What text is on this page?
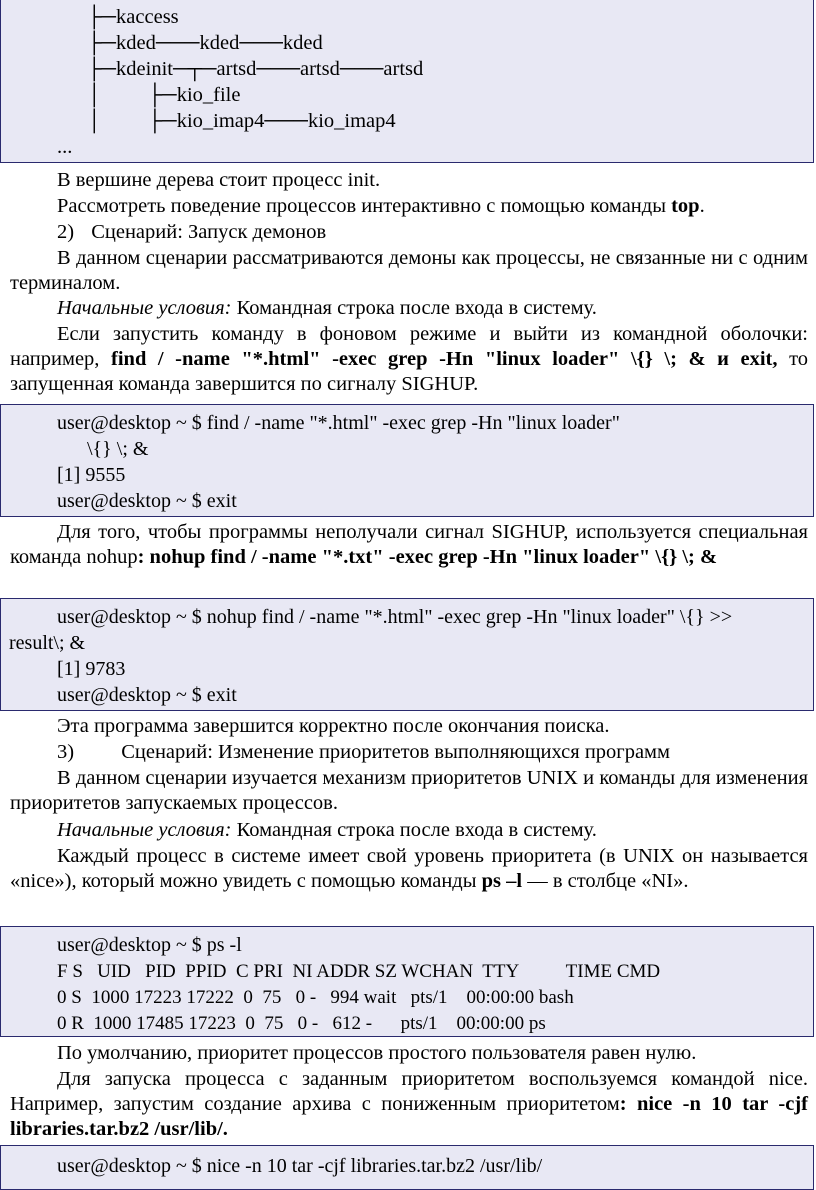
├─kaccess
├─kded───kded───kded
├─kdeinit─┬─artsd───artsd───artsd
│         ├─kio_file
│         ├─kio_imap4───kio_imap4
...
В вершине дерева стоит процесс init.
Рассмотреть поведение процессов интерактивно с помощью команды top.
2) Сценарий: Запуск демонов
В данном сценарии рассматриваются демоны как процессы, не связанные ни с одним терминалом.
Начальные условия: Командная строка после входа в систему.
Если запустить команду в фоновом режиме и выйти из командной оболочки: например, find / -name "*.html" -exec grep -Hn "linux loader" \{} \; & и exit, то запущенная команда завершится по сигналу SIGHUP.
user@desktop ~ $ find / -name "*.html" -exec grep -Hn "linux loader"
\{} \; &
[1] 9555
user@desktop ~ $ exit
Для того, чтобы программы неполучали сигнал SIGHUP, используется специальная команда nohup: nohup find / -name "*.txt" -exec grep -Hn "linux loader" \{} \; &
user@desktop ~ $ nohup find / -name "*.html" -exec grep -Hn "linux loader" \{} >>
result\; &
[1] 9783
user@desktop ~ $ exit
Эта программа завершится корректно после окончания поиска.
3) Сценарий: Изменение приоритетов выполняющихся программ
В данном сценарии изучается механизм приоритетов UNIX и команды для изменения приоритетов запускаемых процессов.
Начальные условия: Командная строка после входа в систему.
Каждый процесс в системе имеет свой уровень приоритета (в UNIX он называется «nice»), который можно увидеть с помощью команды ps –l — в столбце «NI».
user@desktop ~ $ ps -l
F S   UID   PID  PPID  C PRI  NI ADDR SZ WCHAN  TTY          TIME CMD
0 S  1000 17223 17222  0  75   0 -   994 wait   pts/1    00:00:00 bash
0 R  1000 17485 17223  0  75   0 -   612 -      pts/1    00:00:00 ps
По умолчанию, приоритет процессов простого пользователя равен нулю.
Для запуска процесса с заданным приоритетом воспользуемся командой nice. Например, запустим создание архива с пониженным приоритетом: nice -n 10 tar -cjf libraries.tar.bz2 /usr/lib/.
user@desktop ~ $ nice -n 10 tar -cjf libraries.tar.bz2 /usr/lib/
